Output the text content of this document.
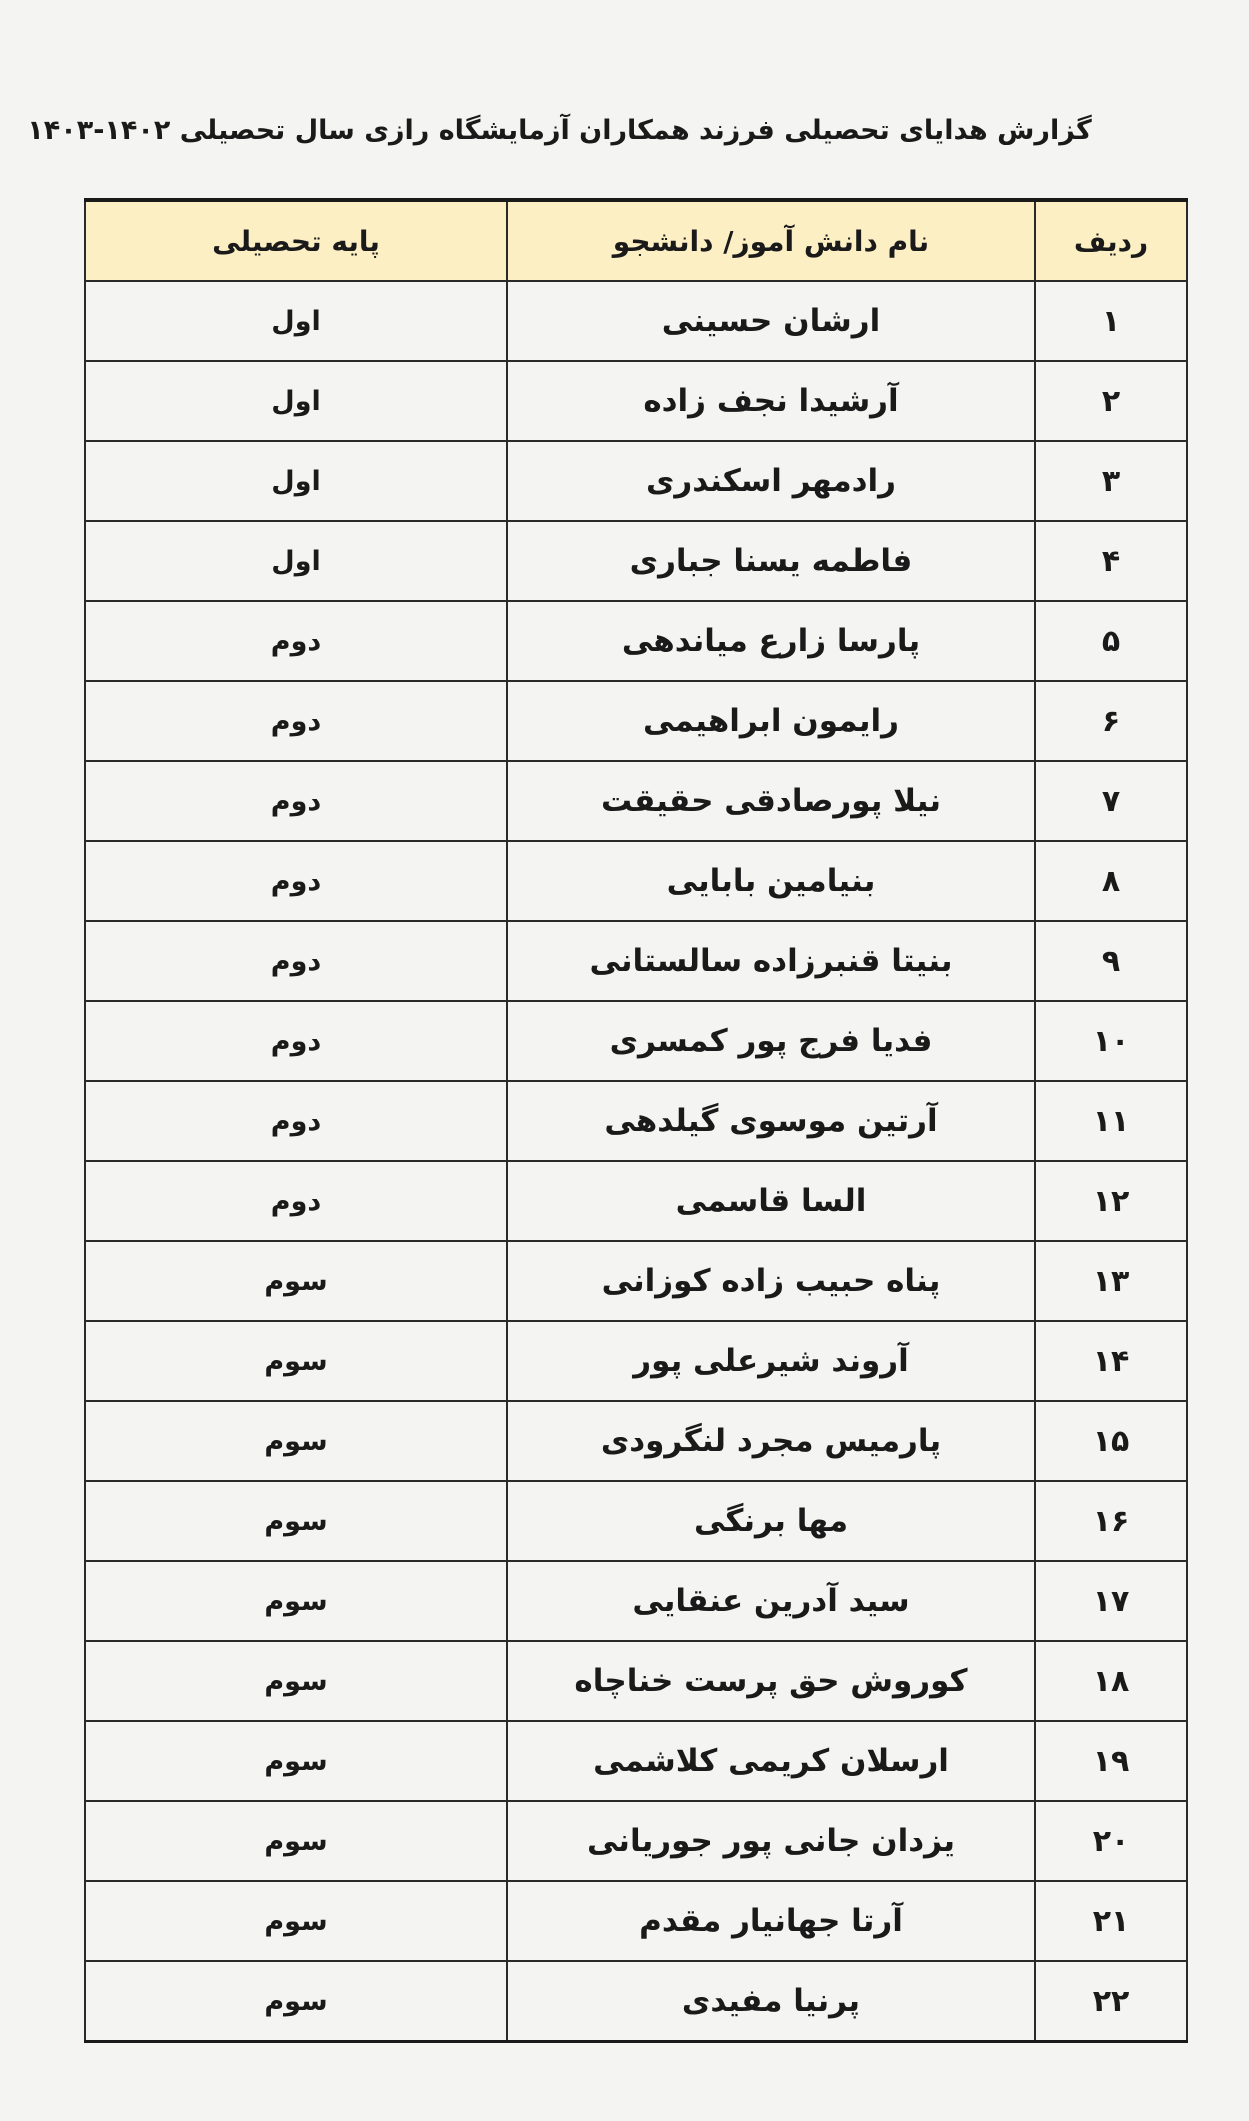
گزارش هدایای تحصیلی فرزند همکاران آزمایشگاه رازی سال تحصیلی ۱۴۰۲-۱۴۰۳
ردیف	نام دانش آموز/ دانشجو	پایه تحصیلی
۱	ارشان حسینی	اول
۲	آرشیدا نجف زاده	اول
۳	رادمهر اسکندری	اول
۴	فاطمه یسنا جباری	اول
۵	پارسا زارع میاندهی	دوم
۶	رایمون ابراهیمی	دوم
۷	نیلا پورصادقی حقیقت	دوم
۸	بنیامین بابایی	دوم
۹	بنیتا قنبرزاده سالستانی	دوم
۱۰	فدیا فرج پور کمسری	دوم
۱۱	آرتین موسوی گیلدهی	دوم
۱۲	السا قاسمی	دوم
۱۳	پناه حبیب زاده کوزانی	سوم
۱۴	آروند شیرعلی پور	سوم
۱۵	پارمیس مجرد لنگرودی	سوم
۱۶	مها برنگی	سوم
۱۷	سید آدرین عنقایی	سوم
۱۸	کوروش حق پرست خناچاه	سوم
۱۹	ارسلان کریمی کلاشمی	سوم
۲۰	یزدان جانی پور جوریانی	سوم
۲۱	آرتا جهانیار مقدم	سوم
۲۲	پرنیا مفیدی	سوم
